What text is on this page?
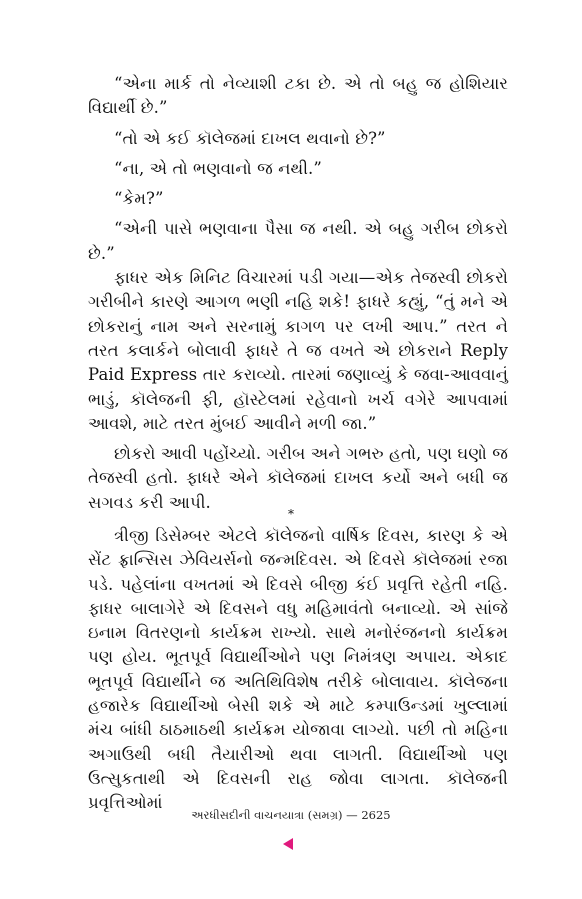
“એના માર્ક તો નેવ્યાશી ટકા છે. એ તો બહુ જ હોશિયાર વિદ્યાર્થી છે.”

“તો એ કઈ કૉલેજમાં દાખલ થવાનો છે?”

“ના, એ તો ભણવાનો જ નથી.”

“કેમ?”

“એની પાસે ભણવાના પૈસા જ નથી. એ બહુ ગરીબ છોકરો છે.”

ફાધર એક મિનિટ વિચારમાં પડી ગયા—એક તેજસ્વી છોકરો ગરીબીને કારણે આગળ ભણી નહિ શકે! ફાધરે કહ્યું, “તું મને એ છોકરાનું નામ અને સરનામું કાગળ પર લખી આપ.” તરત ને તરત કલાર્કને બોલાવી ફાધરે તે જ વખતે એ છોકરાને Reply Paid Express તાર કરાવ્યો. તારમાં જણાવ્યું કે જવા-આવવાનું ભાડું, કૉલેજની ફી, હૉસ્ટેલમાં રહેવાનો ખર્ચ વગેરે આપવામાં આવશે, માટે તરત મુંબઈ આવીને મળી જા.”

છોકરો આવી પહોંચ્યો. ગરીબ અને ગભરુ હતો, પણ ઘણો જ તેજસ્વી હતો. ફાધરે એને કૉલેજમાં દાખલ કર્યો અને બધી જ સગવડ કરી આપી.

*

ત્રીજી ડિસેમ્બર એટલે કૉલેજનો વાર્ષિક દિવસ, કારણ કે એ સેંટ ફ્રાન્સિસ ઝેવિયર્સનો જન્મદિવસ. એ દિવસે કૉલેજમાં રજા પડે. પહેલાંના વખતમાં એ દિવસે બીજી કંઈ પ્રવૃત્તિ રહેતી નહિ. ફાધર બાલાગેરે એ દિવસને વધુ મહિમાવંતો બનાવ્યો. એ સાંજે ઇનામ વિતરણનો કાર્યક્રમ રાખ્યો. સાથે મનોરંજનનો કાર્યક્રમ પણ હોય. ભૂતપૂર્વ વિદ્યાર્થીઓને પણ નિમંત્રણ અપાય. એકાદ ભૂતપૂર્વ વિદ્યાર્થીને જ અતિથિવિશેષ તરીકે બોલાવાય. કૉલેજના હજારેક વિદ્યાર્થીઓ બેસી શકે એ માટે કમ્પાઉન્ડમાં ખુલ્લામાં મંચ બાંધી ઠાઠમાઠથી કાર્યક્રમ યોજાવા લાગ્યો. પછી તો મહિના અગાઉથી બધી તૈયારીઓ થવા લાગતી. વિદ્યાર્થીઓ પણ ઉત્સુકતાથી એ દિવસની રાહ જોવા લાગતા. કૉલેજની પ્રવૃત્તિઓમાં

અરધીસદીની વાચનયાત્રા (સમગ્ર) — 2625
